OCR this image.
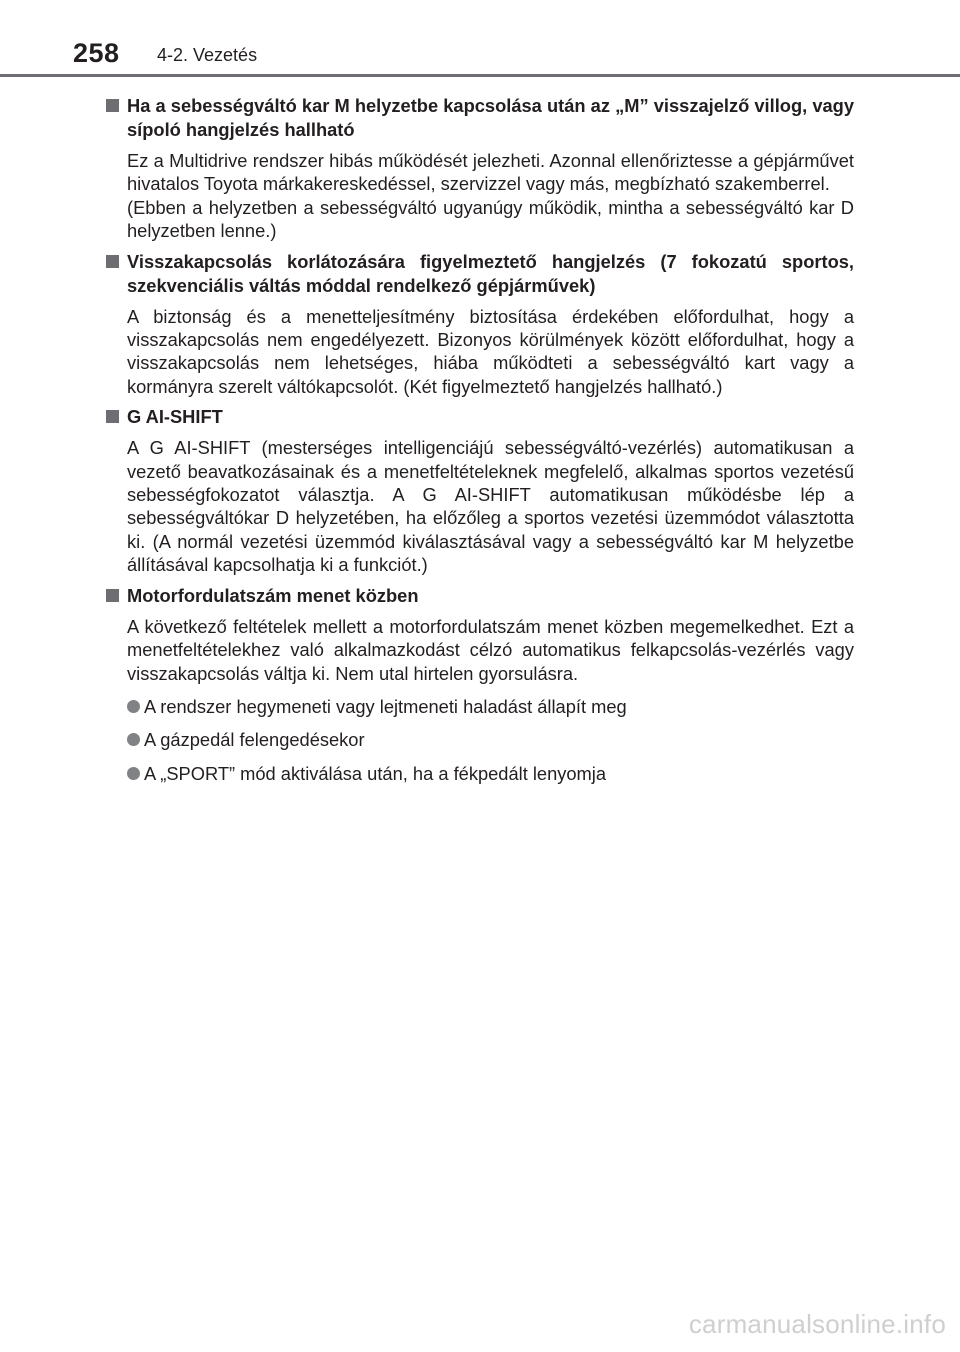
258 4-2. Vezetés
Ha a sebességváltó kar M helyzetbe kapcsolása után az „M” visszajelző villog, vagy sípoló hangjelzés hallható

Ez a Multidrive rendszer hibás működését jelezheti. Azonnal ellenőriztesse a gépjárművet hivatalos Toyota márkakereskedéssel, szervizzel vagy más, megbízható szakemberrel.

(Ebben a helyzetben a sebességváltó ugyanúgy működik, mintha a sebességváltó kar D helyzetben lenne.)

Visszakapcsolás korlátozására figyelmeztető hangjelzés (7 fokozatú sportos, szekvenciális váltás móddal rendelkező gépjárművek)

A biztonság és a menetteljesítmény biztosítása érdekében előfordulhat, hogy a visszakapcsolás nem engedélyezett. Bizonyos körülmények között előfordulhat, hogy a visszakapcsolás nem lehetséges, hiába működteti a sebességváltó kart vagy a kormányra szerelt váltókapcsolót. (Két figyelmeztető hangjelzés hallható.)

G AI-SHIFT

A G AI-SHIFT (mesterséges intelligenciájú sebességváltó-vezérlés) automatikusan a vezető beavatkozásainak és a menetfeltételeknek megfelelő, alkalmas sportos vezetésű sebességfokozatot választja. A G AI-SHIFT automatikusan működésbe lép a sebességváltókar D helyzetében, ha előzőleg a sportos vezetési üzemmódot választotta ki. (A normál vezetési üzemmód kiválasztásával vagy a sebességváltó kar M helyzetbe állításával kapcsolhatja ki a funkciót.)

Motorfordulatszám menet közben

A következő feltételek mellett a motorfordulatszám menet közben megemelkedhet. Ezt a menetfeltételekhez való alkalmazkodást célzó automatikus felkapcsolás-vezérlés vagy visszakapcsolás váltja ki. Nem utal hirtelen gyorsulásra.

A rendszer hegymeneti vagy lejtmeneti haladást állapít meg
A gázpedál felengedésekor
A „SPORT” mód aktiválása után, ha a fékpedált lenyomja
carmanualsonline.info
